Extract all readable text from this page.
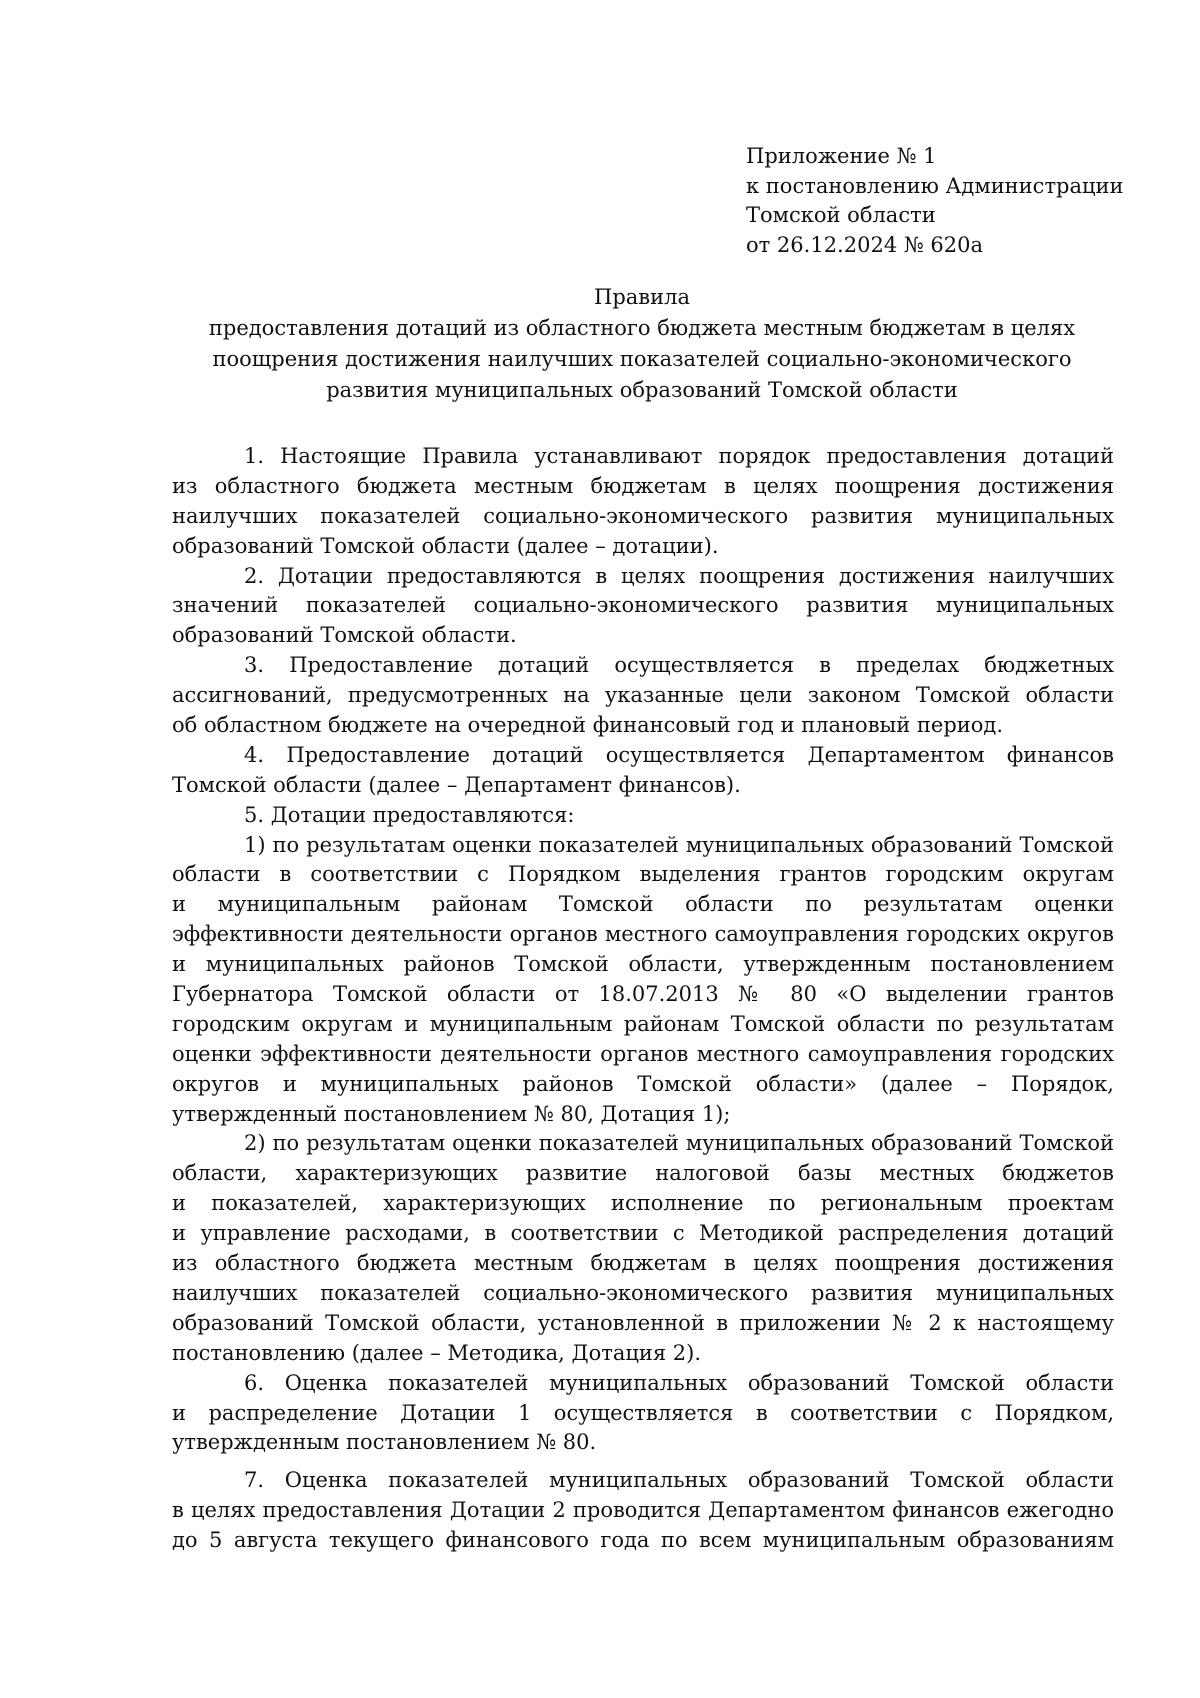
Приложение № 1
к постановлению Администрации
Томской области
от 26.12.2024 № 620а
Правила
предоставления дотаций из областного бюджета местным бюджетам в целях
поощрения достижения наилучших показателей социально-экономического
развития муниципальных образований Томской области
1. Настоящие Правила устанавливают порядок предоставления дотаций
из областного бюджета местным бюджетам в целях поощрения достижения
наилучших показателей социально-экономического развития муниципальных
образований Томской области (далее – дотации).
2. Дотации предоставляются в целях поощрения достижения наилучших
значений показателей социально-экономического развития муниципальных
образований Томской области.
3. Предоставление дотаций осуществляется в пределах бюджетных
ассигнований, предусмотренных на указанные цели законом Томской области
об областном бюджете на очередной финансовый год и плановый период.
4. Предоставление дотаций осуществляется Департаментом финансов
Томской области (далее – Департамент финансов).
5. Дотации предоставляются:
1) по результатам оценки показателей муниципальных образований Томской
области в соответствии с Порядком выделения грантов городским округам
и муниципальным районам Томской области по результатам оценки
эффективности деятельности органов местного самоуправления городских округов
и муниципальных районов Томской области, утвержденным постановлением
Губернатора Томской области от 18.07.2013 № 80 «О выделении грантов
городским округам и муниципальным районам Томской области по результатам
оценки эффективности деятельности органов местного самоуправления городских
округов и муниципальных районов Томской области» (далее – Порядок,
утвержденный постановлением № 80, Дотация 1);
2) по результатам оценки показателей муниципальных образований Томской
области, характеризующих развитие налоговой базы местных бюджетов
и показателей, характеризующих исполнение по региональным проектам
и управление расходами, в соответствии с Методикой распределения дотаций
из областного бюджета местным бюджетам в целях поощрения достижения
наилучших показателей социально-экономического развития муниципальных
образований Томской области, установленной в приложении № 2 к настоящему
постановлению (далее – Методика, Дотация 2).
6. Оценка показателей муниципальных образований Томской области
и распределение Дотации 1 осуществляется в соответствии с Порядком,
утвержденным постановлением № 80.
7. Оценка показателей муниципальных образований Томской области
в целях предоставления Дотации 2 проводится Департаментом финансов ежегодно
до 5 августа текущего финансового года по всем муниципальным образованиям
